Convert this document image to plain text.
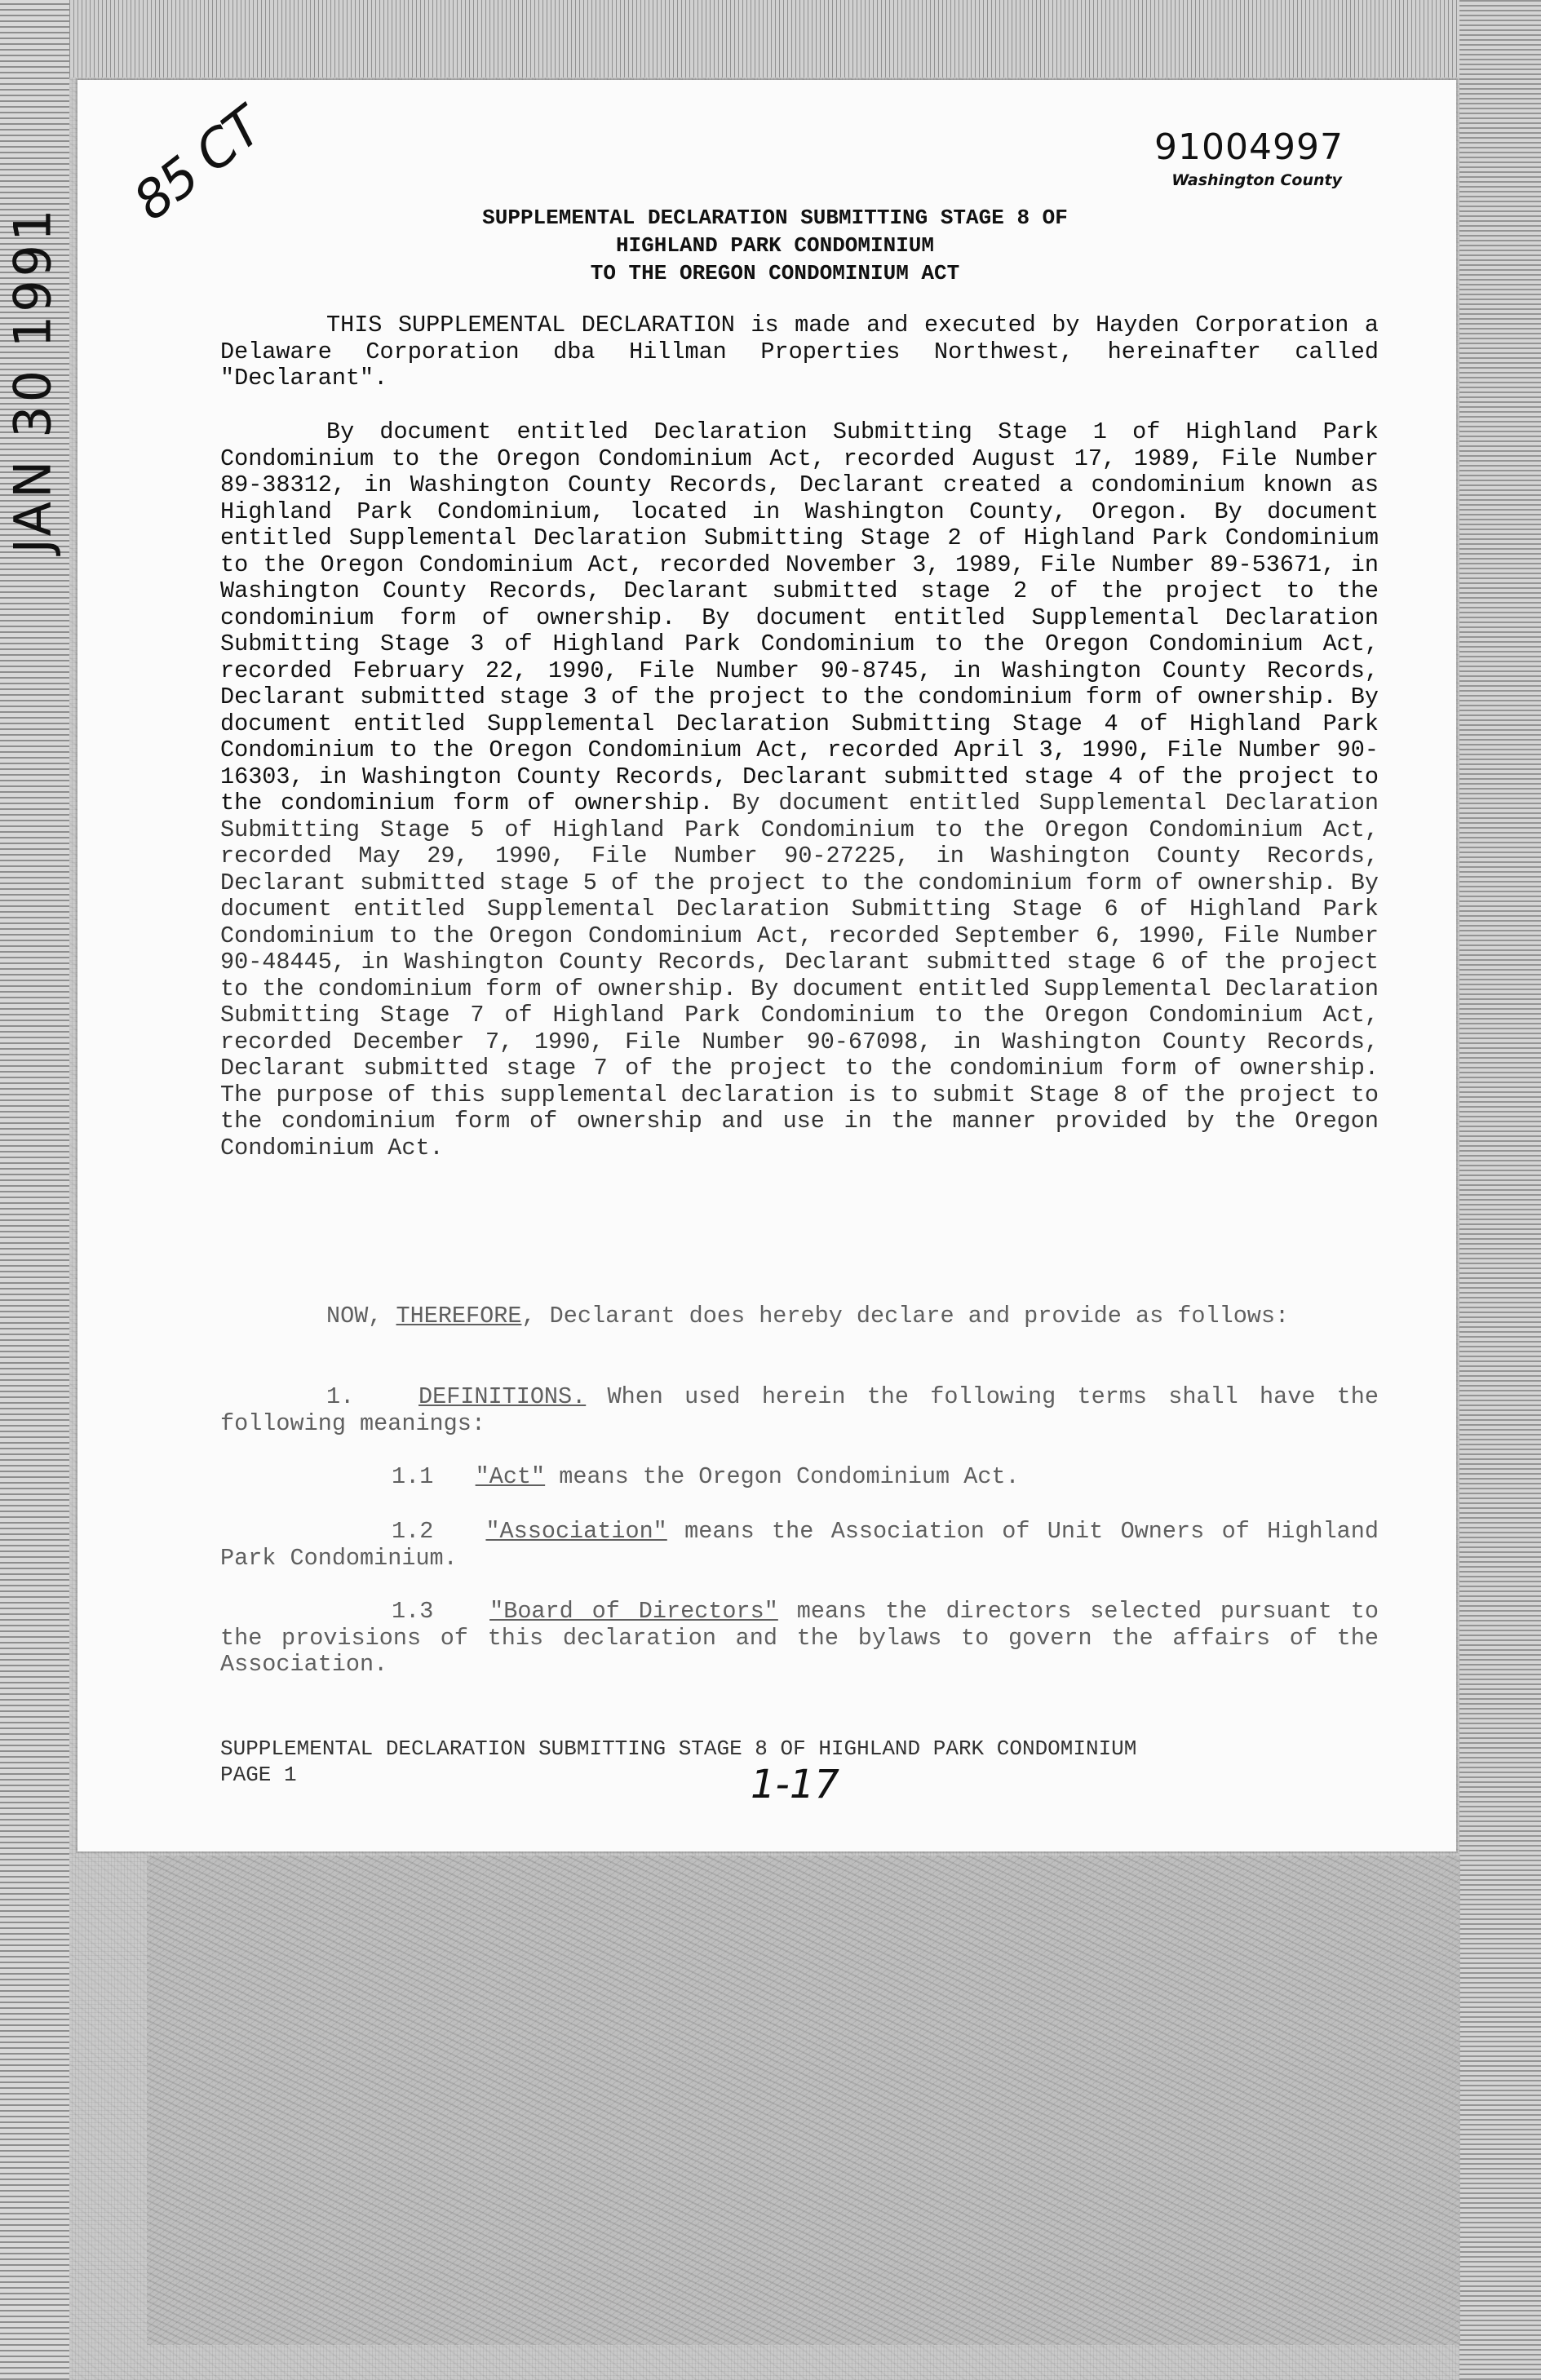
JAN 30 1991
85 CT	91004997
Washington County
SUPPLEMENTAL DECLARATION SUBMITTING STAGE 8 OF
HIGHLAND PARK CONDOMINIUM
TO THE OREGON CONDOMINIUM ACT
THIS SUPPLEMENTAL DECLARATION is made and executed by Hayden Corporation a Delaware Corporation dba Hillman Properties Northwest, hereinafter called "Declarant".
By document entitled Declaration Submitting Stage 1 of Highland Park Condominium to the Oregon Condominium Act, recorded August 17, 1989, File Number 89-38312, in Washington County Records, Declarant created a condominium known as Highland Park Condominium, located in Washington County, Oregon. By document entitled Supplemental Declaration Submitting Stage 2 of Highland Park Condominium to the Oregon Condominium Act, recorded November 3, 1989, File Number 89-53671, in Washington County Records, Declarant submitted stage 2 of the project to the condominium form of ownership. By document entitled Supplemental Declaration Submitting Stage 3 of Highland Park Condominium to the Oregon Condominium Act, recorded February 22, 1990, File Number 90-8745, in Washington County Records, Declarant submitted stage 3 of the project to the condominium form of ownership. By document entitled Supplemental Declaration Submitting Stage 4 of Highland Park Condominium to the Oregon Condominium Act, recorded April 3, 1990, File Number 90-16303, in Washington County Records, Declarant submitted stage 4 of the project to the condominium form of ownership. By document entitled Supplemental Declaration Submitting Stage 5 of Highland Park Condominium to the Oregon Condominium Act, recorded May 29, 1990, File Number 90-27225, in Washington County Records, Declarant submitted stage 5 of the project to the condominium form of ownership. By document entitled Supplemental Declaration Submitting Stage 6 of Highland Park Condominium to the Oregon Condominium Act, recorded September 6, 1990, File Number 90-48445, in Washington County Records, Declarant submitted stage 6 of the project to the condominium form of ownership. By document entitled Supplemental Declaration Submitting Stage 7 of Highland Park Condominium to the Oregon Condominium Act, recorded December 7, 1990, File Number 90-67098, in Washington County Records, Declarant submitted stage 7 of the project to the condominium form of ownership. The purpose of this supplemental declaration is to submit Stage 8 of the project to the condominium form of ownership and use in the manner provided by the Oregon Condominium Act.
NOW, THEREFORE, Declarant does hereby declare and provide as follows:
1.	DEFINITIONS. When used herein the following terms shall have the following meanings:
1.1 "Act" means the Oregon Condominium Act.
1.2 "Association" means the Association of Unit Owners of Highland Park Condominium.
1.3 "Board of Directors" means the directors selected pursuant to the provisions of this declaration and the bylaws to govern the affairs of the Association.
SUPPLEMENTAL DECLARATION SUBMITTING STAGE 8 OF HIGHLAND PARK CONDOMINIUM
PAGE 1	1-17
